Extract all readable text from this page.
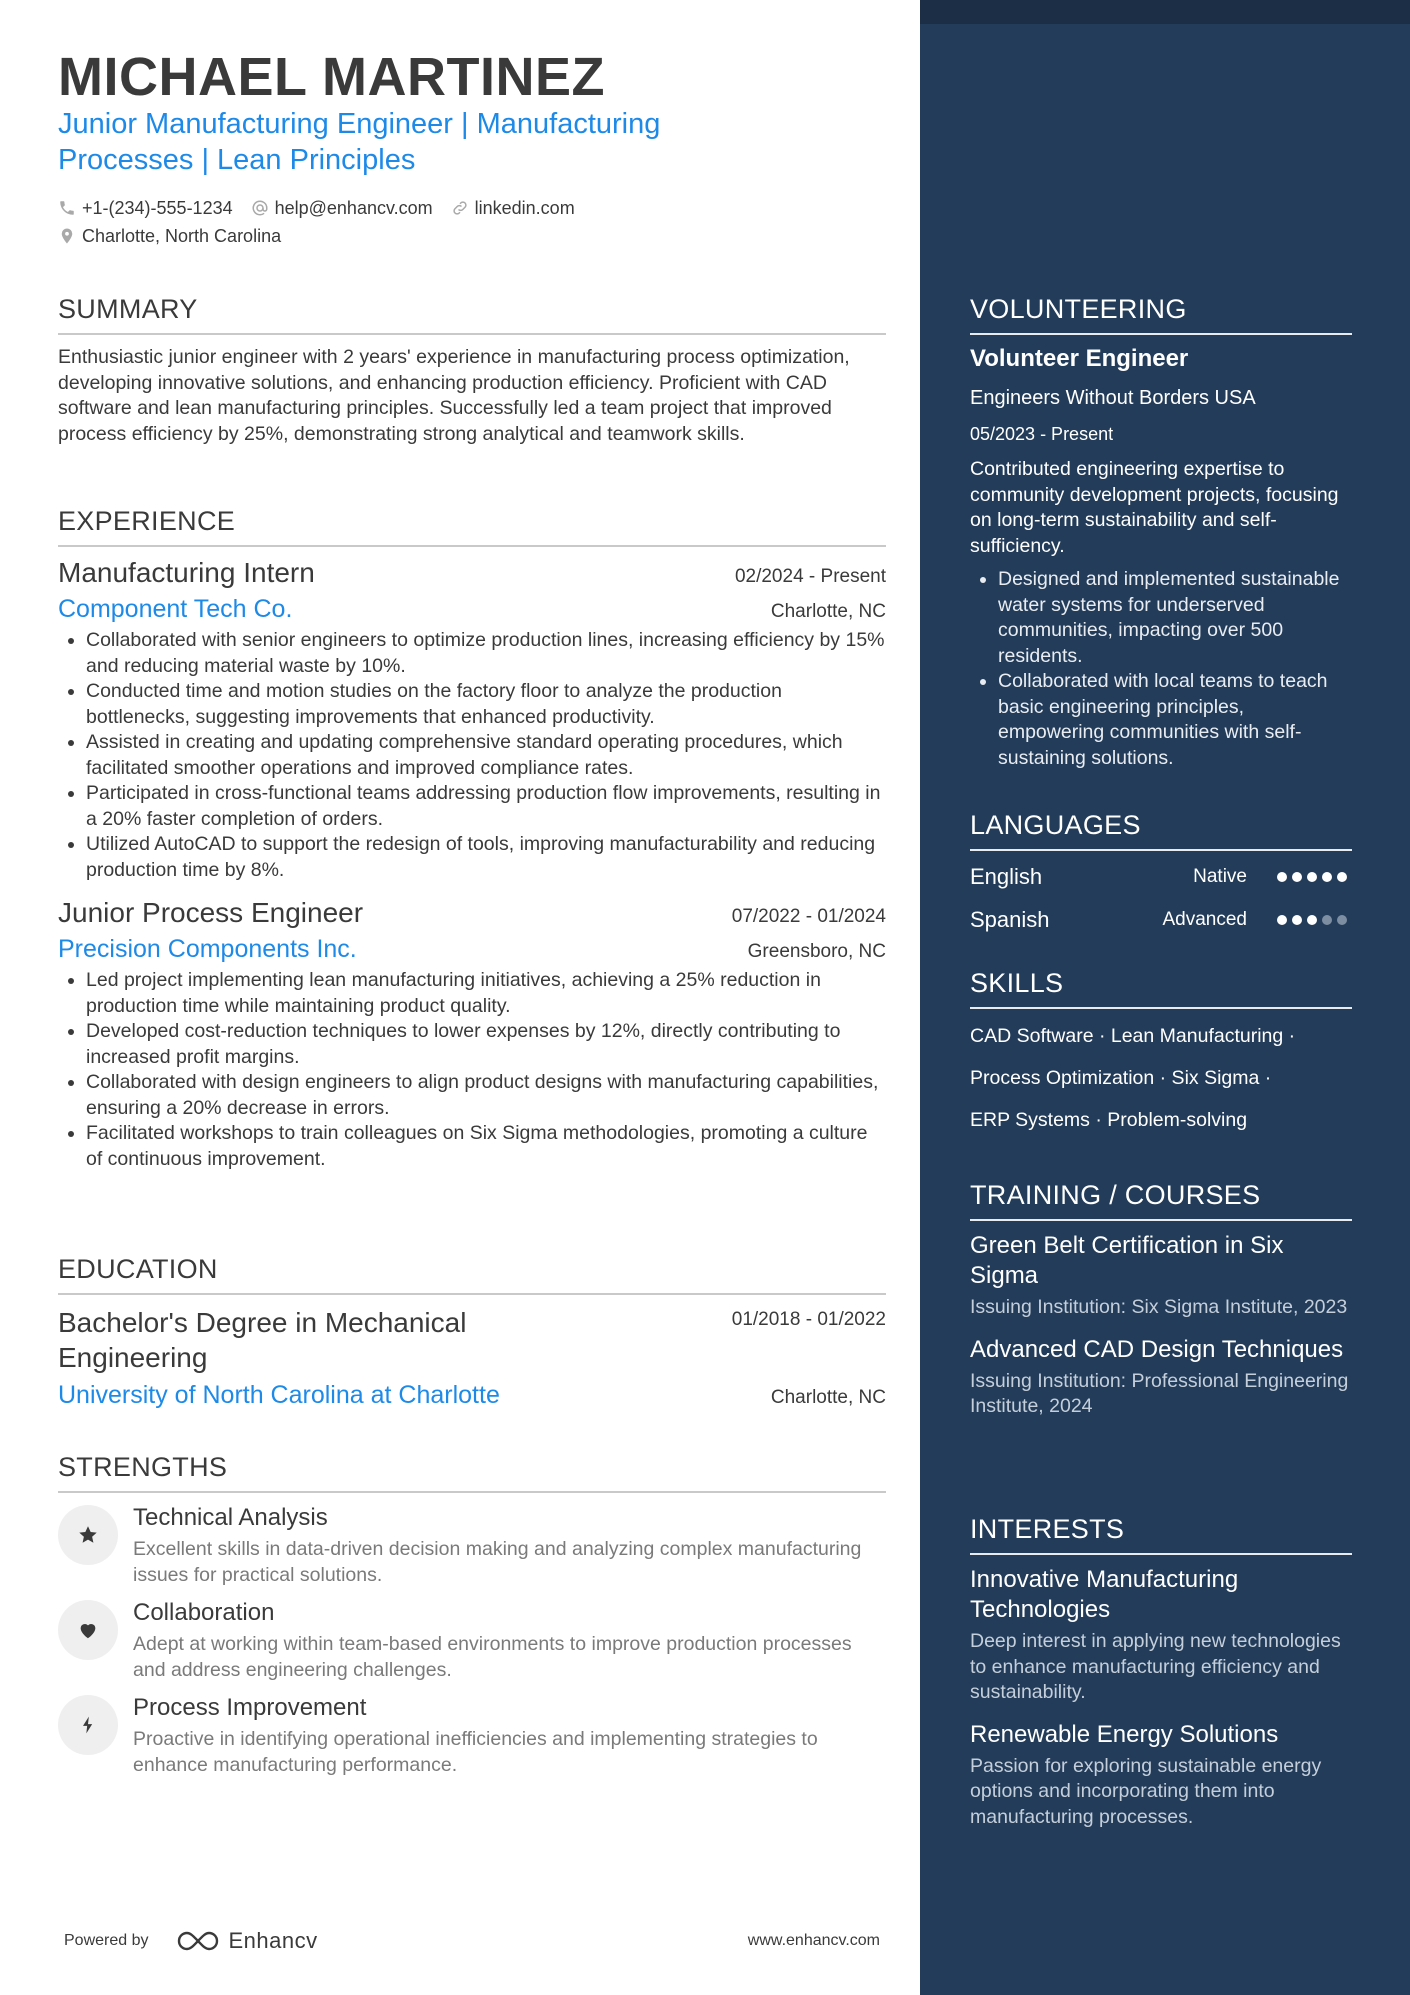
MICHAEL MARTINEZ
Junior Manufacturing Engineer | Manufacturing
Processes | Lean Principles
+1-(234)-555-1234 help@enhancv.com linkedin.com
Charlotte, North Carolina
SUMMARY
Enthusiastic junior engineer with 2 years' experience in manufacturing process optimization, developing innovative solutions, and enhancing production efficiency. Proficient with CAD software and lean manufacturing principles. Successfully led a team project that improved process efficiency by 25%, demonstrating strong analytical and teamwork skills.
EXPERIENCE
Manufacturing Intern	02/2024 - Present
Component Tech Co.	Charlotte, NC
• Collaborated with senior engineers to optimize production lines, increasing efficiency by 15% and reducing material waste by 10%.
• Conducted time and motion studies on the factory floor to analyze the production bottlenecks, suggesting improvements that enhanced productivity.
• Assisted in creating and updating comprehensive standard operating procedures, which facilitated smoother operations and improved compliance rates.
• Participated in cross-functional teams addressing production flow improvements, resulting in a 20% faster completion of orders.
• Utilized AutoCAD to support the redesign of tools, improving manufacturability and reducing production time by 8%.
Junior Process Engineer	07/2022 - 01/2024
Precision Components Inc.	Greensboro, NC
• Led project implementing lean manufacturing initiatives, achieving a 25% reduction in production time while maintaining product quality.
• Developed cost-reduction techniques to lower expenses by 12%, directly contributing to increased profit margins.
• Collaborated with design engineers to align product designs with manufacturing capabilities, ensuring a 20% decrease in errors.
• Facilitated workshops to train colleagues on Six Sigma methodologies, promoting a culture of continuous improvement.
EDUCATION
Bachelor's Degree in Mechanical Engineering
01/2018 - 01/2022
University of North Carolina at Charlotte	Charlotte, NC
STRENGTHS
Technical Analysis
Excellent skills in data-driven decision making and analyzing complex manufacturing issues for practical solutions.
Collaboration
Adept at working within team-based environments to improve production processes and address engineering challenges.
Process Improvement
Proactive in identifying operational inefficiencies and implementing strategies to enhance manufacturing performance.
Powered by	Enhancv	www.enhancv.com
VOLUNTEERING
Volunteer Engineer
Engineers Without Borders USA
05/2023 - Present
Contributed engineering expertise to community development projects, focusing on long-term sustainability and self-sufficiency.
• Designed and implemented sustainable water systems for underserved communities, impacting over 500 residents.
• Collaborated with local teams to teach basic engineering principles, empowering communities with self-sustaining solutions.
LANGUAGES
English	Native
Spanish	Advanced
SKILLS
CAD Software · Lean Manufacturing ·
Process Optimization · Six Sigma ·
ERP Systems · Problem-solving
TRAINING / COURSES
Green Belt Certification in Six Sigma
Issuing Institution: Six Sigma Institute, 2023
Advanced CAD Design Techniques
Issuing Institution: Professional Engineering Institute, 2024
INTERESTS
Innovative Manufacturing Technologies
Deep interest in applying new technologies to enhance manufacturing efficiency and sustainability.
Renewable Energy Solutions
Passion for exploring sustainable energy options and incorporating them into manufacturing processes.
